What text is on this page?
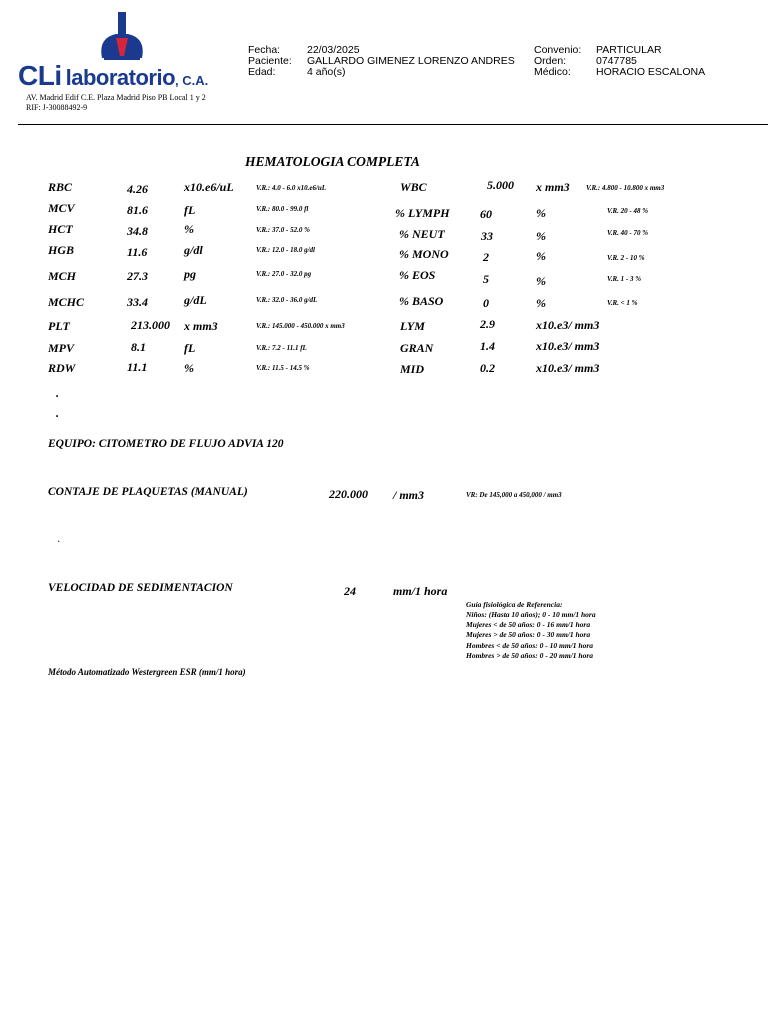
CLi laboratorio, C.A.
AV. Madrid Edif C.E. Plaza Madrid Piso PB Local 1 y 2
RIF: J-30088492-9
Fecha:	22/03/2025
Paciente: GALLARDO GIMENEZ LORENZO ANDRES
Edad:	4 año(s)
Convenio: PARTICULAR
Orden:	0747785
Médico: HORACIO ESCALONA
HEMATOLOGIA COMPLETA
RBC	4.26	x10.e6/uL	V.R.: 4.0 - 6.0 x10.e6/uL
MCV	81.6	fL	V.R.: 80.0 - 99.0 fl
HCT	34.8	%	V.R.: 37.0 - 52.0 %
HGB	11.6	g/dl	V.R.: 12.0 - 18.0 g/dl
MCH	27.3	pg	V.R.: 27.0 - 32.0 pg
MCHC	33.4	g/dL	V.R.: 32.0 - 36.0 g/dL
PLT	213.000 x mm3	V.R.: 145.000 - 450.000 x mm3
MPV	8.1	fL	V.R.: 7.2 - 11.1 fL
RDW	11.1	%	V.R.: 11.5 - 14.5 %
WBC	5.000 x mm3 V.R.: 4.800 - 10.800 x mm3
% LYMPH	60	%	V.R. 20 - 48 %
% NEUT	33	%	V.R. 40 - 70 %
% MONO	2	%	V.R. 2 - 10 %
% EOS	5	%	V.R. 1 - 3 %
% BASO	0	%	V.R. < 1 %
LYM	2.9	x10.e3/ mm3
GRAN	1.4	x10.e3/ mm3
MID	0.2	x10.e3/ mm3
.
.
.
EQUIPO: CITOMETRO DE FLUJO ADVIA 120
CONTAJE DE PLAQUETAS (MANUAL)	220.000 / mm3	VR: De 145,000 a 450,000 / mm3
VELOCIDAD DE SEDIMENTACION	24	mm/1 hora
Guía fisiológica de Referencia:
Niños: (Hasta 10 años); 0 - 10 mm/1 hora
Mujeres < de 50 años: 0 - 16 mm/1 hora
Mujeres > de 50 años: 0 - 30 mm/1 hora
Hombres < de 50 años: 0 - 10 mm/1 hora
Hombres > de 50 años: 0 - 20 mm/1 hora
Método Automatizado Westergreen ESR (mm/1 hora)
